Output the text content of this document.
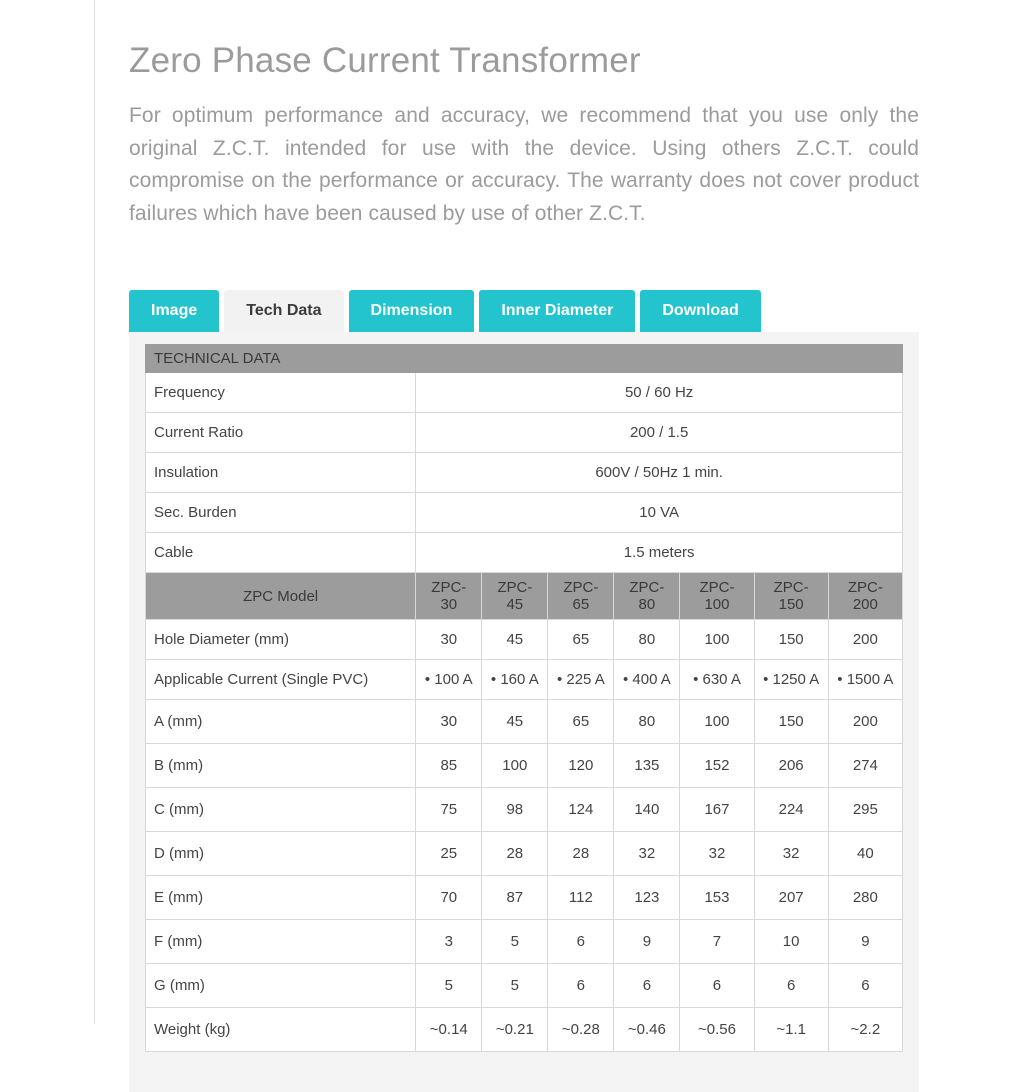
Zero Phase Current Transformer

For optimum performance and accuracy, we recommend that you use only the original Z.C.T. intended for use with the device. Using others Z.C.T. could compromise on the performance or accuracy. The warranty does not cover product failures which have been caused by use of other Z.C.T.

Image	Tech Data	Dimension	Inner Diameter	Download
TECHNICAL DATA							
Frequency	50 / 60 Hz						
Current Ratio	200 / 1.5						
Insulation	600V / 50Hz 1 min.						
Sec. Burden	10 VA						
Cable	1.5 meters						
ZPC Model	ZPC-30	ZPC-45	ZPC-65	ZPC-80	ZPC-100	ZPC-150	ZPC-200
Hole Diameter (mm)	30	45	65	80	100	150	200
Applicable Current (Single PVC)	• 100 A	• 160 A	• 225 A	• 400 A	• 630 A	• 1250 A	• 1500 A
A (mm)	30	45	65	80	100	150	200
B (mm)	85	100	120	135	152	206	274
C (mm)	75	98	124	140	167	224	295
D (mm)	25	28	28	32	32	32	40
E (mm)	70	87	112	123	153	207	280
F (mm)	3	5	6	9	7	10	9
G (mm)	5	5	6	6	6	6	6
Weight (kg)	~0.14	~0.21	~0.28	~0.46	~0.56	~1.1	~2.2
